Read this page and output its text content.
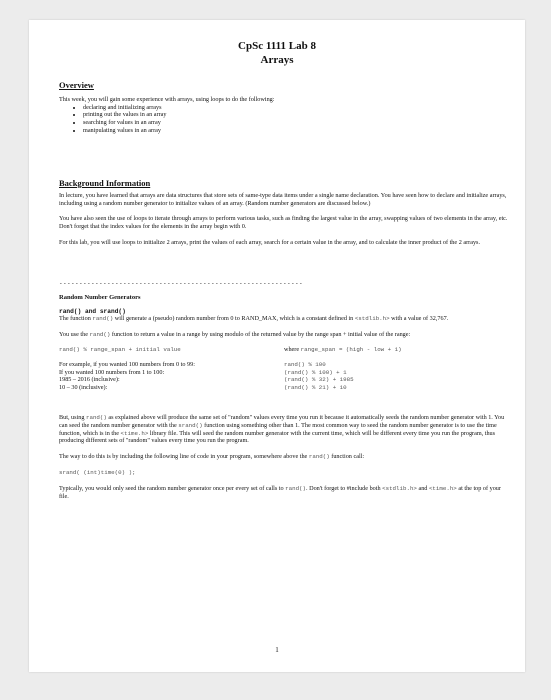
CpSc 1111 Lab 8
Arrays
Overview

This week, you will gain some experience with arrays, using loops to do the following:

• declaring and initializing arrays
• printing out the values in an array
• searching for values in an array
• manipulating values in an array
Background Information

In lecture, you have learned that arrays are data structures that store sets of same-type data items under a single name declaration. You have seen how to declare and initialize arrays, including using a random number generator to initialize values of an array. (Random number generators are discussed below.)

You have also seen the use of loops to iterate through arrays to perform various tasks, such as finding the largest value in the array, swapping values of two elements in the array, etc. Don't forget that the index values for the elements in the array begin with 0.

For this lab, you will use loops to initialize 2 arrays, print the values of each array, search for a certain value in the array, and to calculate the inner product of the 2 arrays.

-------------------------------------------------------------
Random Number Generators
rand() and srand()

The function rand() will generate a (pseudo) random number from 0 to RAND_MAX, which is a constant defined in <stdlib.h> with a value of 32,767.

You use the rand() function to return a value in a range by using modulo of the returned value by the range span + initial value of the range:

rand() % range_span + initial value	where range_span = (high - low + 1)
For example, if you wanted 100 numbers from 0 to 99:
If you wanted 100 numbers from 1 to 100:
1985 – 2016 (inclusive):
10 – 30 (inclusive):
rand() % 100
(rand() % 100) + 1
(rand() % 32) + 1985
(rand() % 21) + 10

But, using rand() as explained above will produce the same set of "random" values every time you run it because it automatically seeds the random number generator with 1. You can seed the random number generator with the srand() function using something other than 1. The most common way to seed the random number generator is to use the time function, which is in the <time.h> library file. This will seed the random number generator with the current time, which will be different every time you run the program, thus producing different sets of "random" values every time you run the program.

The way to do this is by including the following line of code in your program, somewhere above the rand() function call:

srand( (int)time(0) );

Typically, you would only seed the random number generator once per every set of calls to rand(). Don't forget to #include both <stdlib.h> and <time.h> at the top of your file.

1
